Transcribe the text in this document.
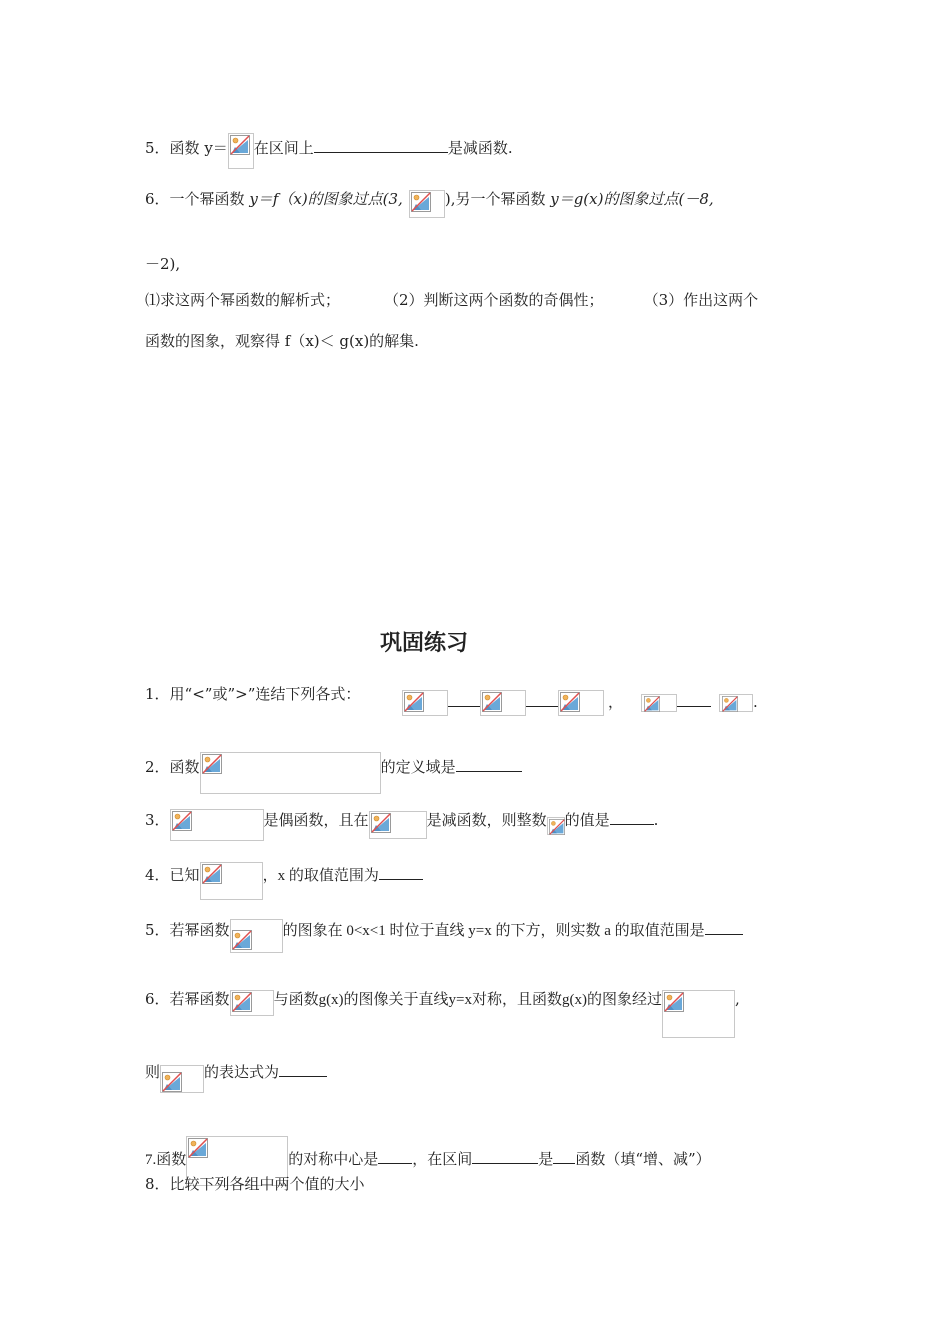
5．函数 y＝ 在区间上	是减函数.
6．一个幂函数 y＝f（x)的图象过点(3,	),另一个幂函数 y＝g(x)的图象过点(－8,
－2),
⑴求这两个幂函数的解析式；	（2）判断这两个函数的奇偶性；	（3）作出这两个
函数的图象，观察得 f（x)＜ g(x)的解集.
巩固练习
1．用“<”或”>”连结下列各式：	，	.
2．函数	的定义域是
3．	是偶函数，且在	是减函数，则整数 的值是	.
4．已知	，x 的取值范围为
5．若幂函数	的图象在 0<x<1 时位于直线 y=x 的下方，则实数 a 的取值范围是
6．若幂函数	与函数g(x)的图像关于直线y=x对称，且函数g(x)的图象经过	,
则	的表达式为
7.函数	的对称中心是 ，在区间	是 函数（填“增、减”）
8．比较下列各组中两个值的大小
